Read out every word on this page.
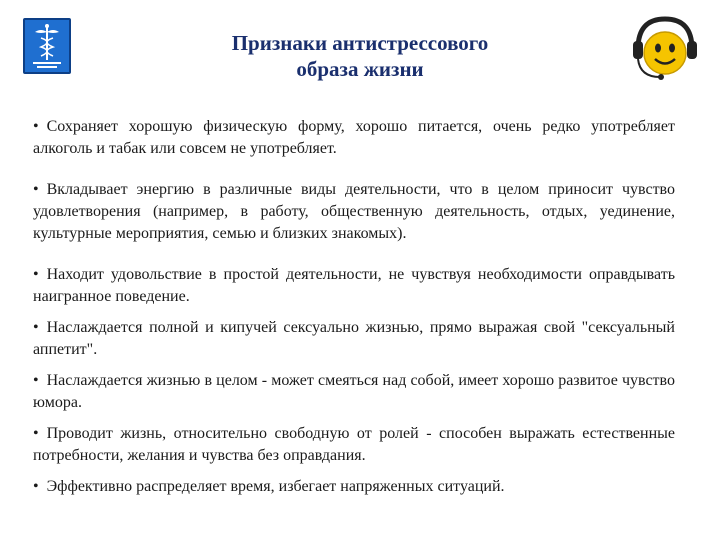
Признаки антистрессового
образа жизни

• Сохраняет хорошую физическую форму, хорошо питается, очень редко употребляет алкоголь и табак или совсем не употребляет.

• Вкладывает энергию в различные виды деятельности, что в целом приносит чувство удовлетворения (например, в работу, общественную деятельность, отдых, уединение, культурные мероприятия, семью и близких знакомых).

• Находит удовольствие в простой деятельности, не чувствуя необходимости оправдывать наигранное поведение.

• Наслаждается полной и кипучей сексуально жизнью, прямо выражая свой "сексуальный аппетит".

• Наслаждается жизнью в целом - может смеяться над собой, имеет хорошо развитое чувство юмора.

• Проводит жизнь, относительно свободную от ролей - способен выражать естественные потребности, желания и чувства без оправдания.

• Эффективно распределяет время, избегает напряженных ситуаций.
